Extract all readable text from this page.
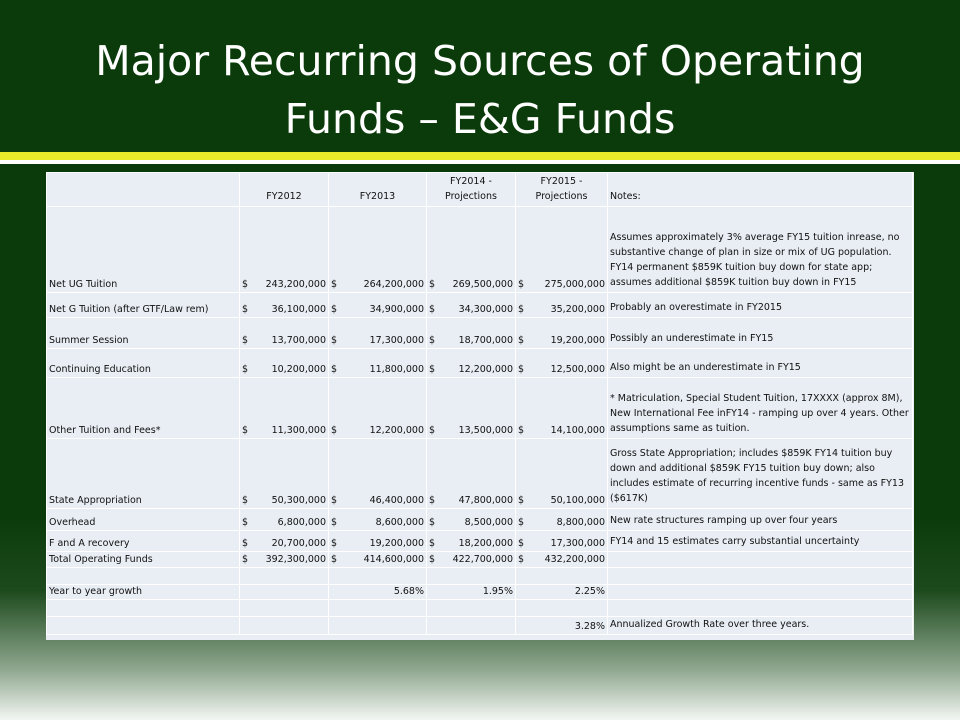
Major Recurring Sources of Operating
Funds – E&G Funds
	FY2012	FY2013	FY2014 - Projections	FY2015 - Projections	Notes:
Net UG Tuition	$ 243,200,000	$ 264,200,000	$ 269,500,000	$ 275,000,000	Assumes approximately 3% average FY15 tuition inrease, no substantive change of plan in size or mix of UG population. FY14 permanent $859K tuition buy down for state app; assumes additional $859K tuition buy down in FY15
Net G Tuition (after GTF/Law rem)	$ 36,100,000	$ 34,900,000	$ 34,300,000	$ 35,200,000	Probably an overestimate in FY2015
Summer Session	$ 13,700,000	$ 17,300,000	$ 18,700,000	$ 19,200,000	Possibly an underestimate in FY15
Continuing Education	$ 10,200,000	$ 11,800,000	$ 12,200,000	$ 12,500,000	Also might be an underestimate in FY15
Other Tuition and Fees*	$ 11,300,000	$ 12,200,000	$ 13,500,000	$ 14,100,000	* Matriculation, Special Student Tuition, 17XXXX (approx 8M), New International Fee inFY14 - ramping up over 4 years. Other assumptions same as tuition.
State Appropriation	$ 50,300,000	$ 46,400,000	$ 47,800,000	$ 50,100,000	Gross State Appropriation; includes $859K FY14 tuition buy down and additional $859K FY15 tuition buy down; also includes estimate of recurring incentive funds - same as FY13 ($617K)
Overhead	$ 6,800,000	$ 8,600,000	$ 8,500,000	$ 8,800,000	New rate structures ramping up over four years
F and A recovery	$ 20,700,000	$ 19,200,000	$ 18,200,000	$ 17,300,000	FY14 and 15 estimates carry substantial uncertainty
Total Operating Funds	$ 392,300,000	$ 414,600,000	$ 422,700,000	$ 432,200,000	

Year to year growth		5.68%	1.95%	2.25%	

				3.28%	Annualized Growth Rate over three years.
